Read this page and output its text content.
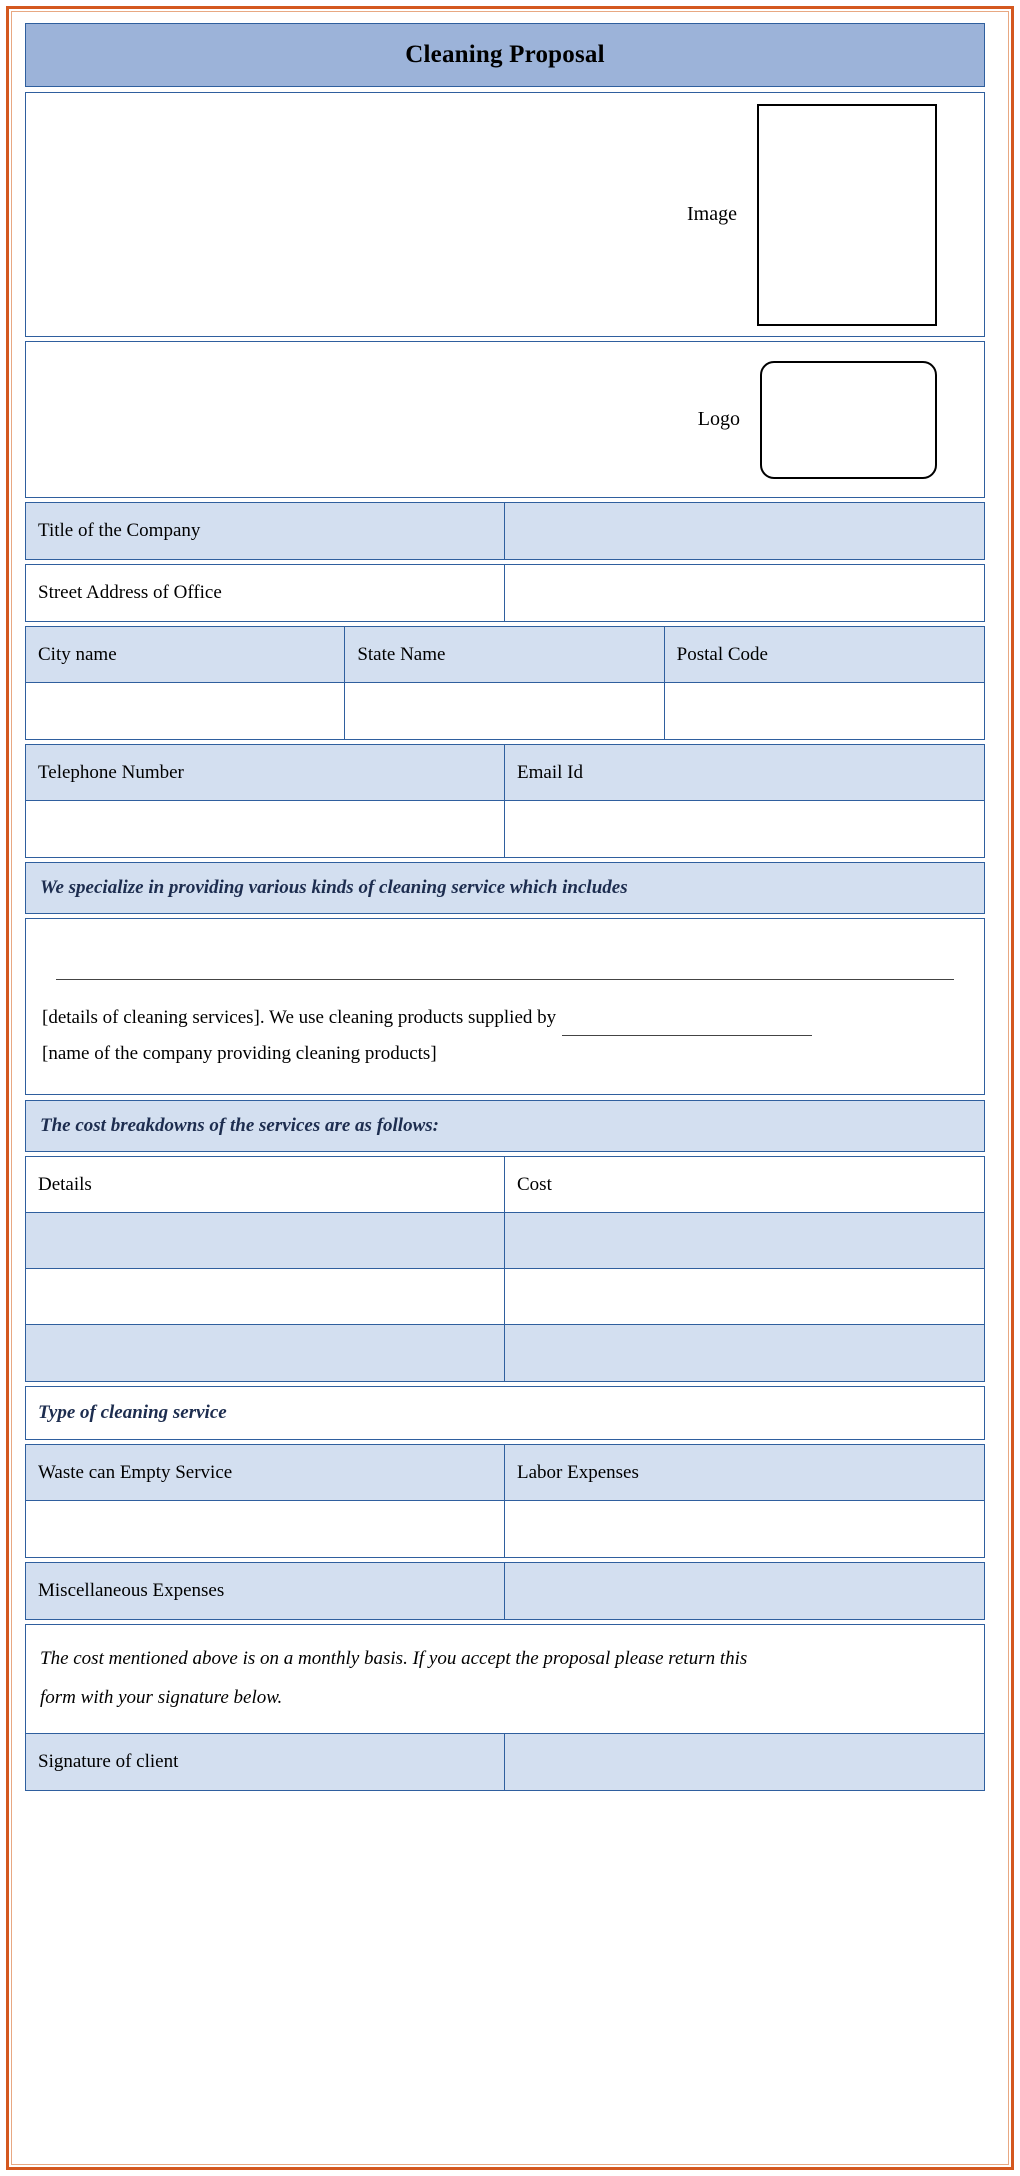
Cleaning Proposal
Image
Logo
Title of the Company
Street Address of Office
City name	State Name	Postal Code
Telephone Number	Email Id
We specialize in providing various kinds of cleaning service which includes
[details of cleaning services]. We use cleaning products supplied by
[name of the company providing cleaning products]
The cost breakdowns of the services are as follows:
Details	Cost
Type of cleaning service
Waste can Empty Service	Labor Expenses
Miscellaneous Expenses
The cost mentioned above is on a monthly basis. If you accept the proposal please return this
form with your signature below.
Signature of client
